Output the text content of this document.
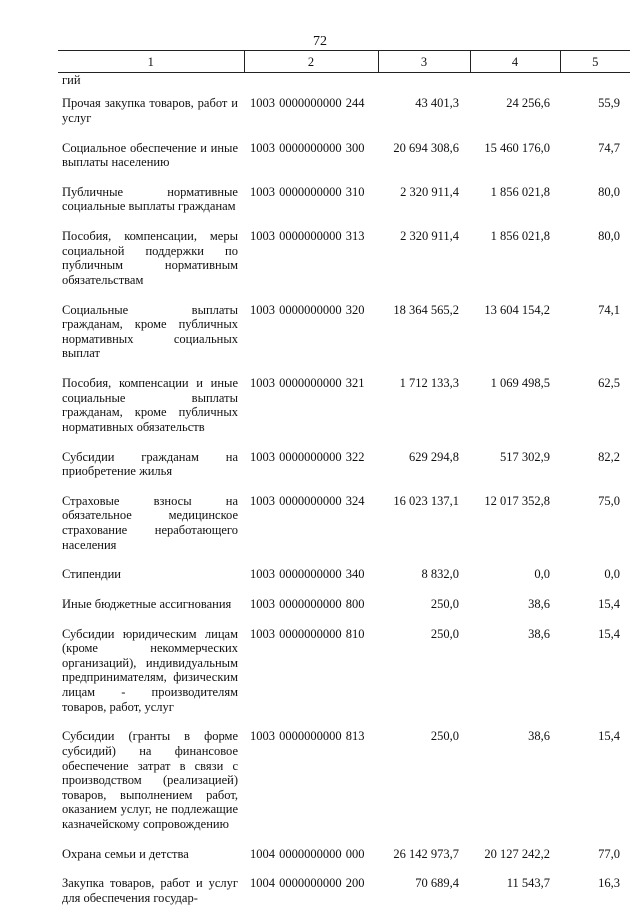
72
1	2	3	4	5
гий				
Прочая закупка товаров, работ и услуг	1003 0000000000 244	43 401,3	24 256,6	55,9
Социальное обеспечение и иные выплаты населению	1003 0000000000 300	20 694 308,6	15 460 176,0	74,7
Публичные нормативные социальные выплаты гражданам	1003 0000000000 310	2 320 911,4	1 856 021,8	80,0
Пособия, компенсации, меры социальной поддержки по публичным нормативным обязательствам	1003 0000000000 313	2 320 911,4	1 856 021,8	80,0
Социальные выплаты гражданам, кроме публичных нормативных социальных выплат	1003 0000000000 320	18 364 565,2	13 604 154,2	74,1
Пособия, компенсации и иные социальные выплаты гражданам, кроме публичных нормативных обязательств	1003 0000000000 321	1 712 133,3	1 069 498,5	62,5
Субсидии гражданам на приобретение жилья	1003 0000000000 322	629 294,8	517 302,9	82,2
Страховые взносы на обязательное медицинское страхование неработающего населения	1003 0000000000 324	16 023 137,1	12 017 352,8	75,0
Стипендии	1003 0000000000 340	8 832,0	0,0	0,0
Иные бюджетные ассигнования	1003 0000000000 800	250,0	38,6	15,4
Субсидии юридическим лицам (кроме некоммерческих организаций), индивидуальным предпринимателям, физическим лицам - производителям товаров, работ, услуг	1003 0000000000 810	250,0	38,6	15,4
Субсидии (гранты в форме субсидий) на финансовое обеспечение затрат в связи с производством (реализацией) товаров, выполнением работ, оказанием услуг, не подлежащие казначейскому сопровождению	1003 0000000000 813	250,0	38,6	15,4
Охрана семьи и детства	1004 0000000000 000	26 142 973,7	20 127 242,2	77,0
Закупка товаров, работ и услуг для обеспечения государ-	1004 0000000000 200	70 689,4	11 543,7	16,3
